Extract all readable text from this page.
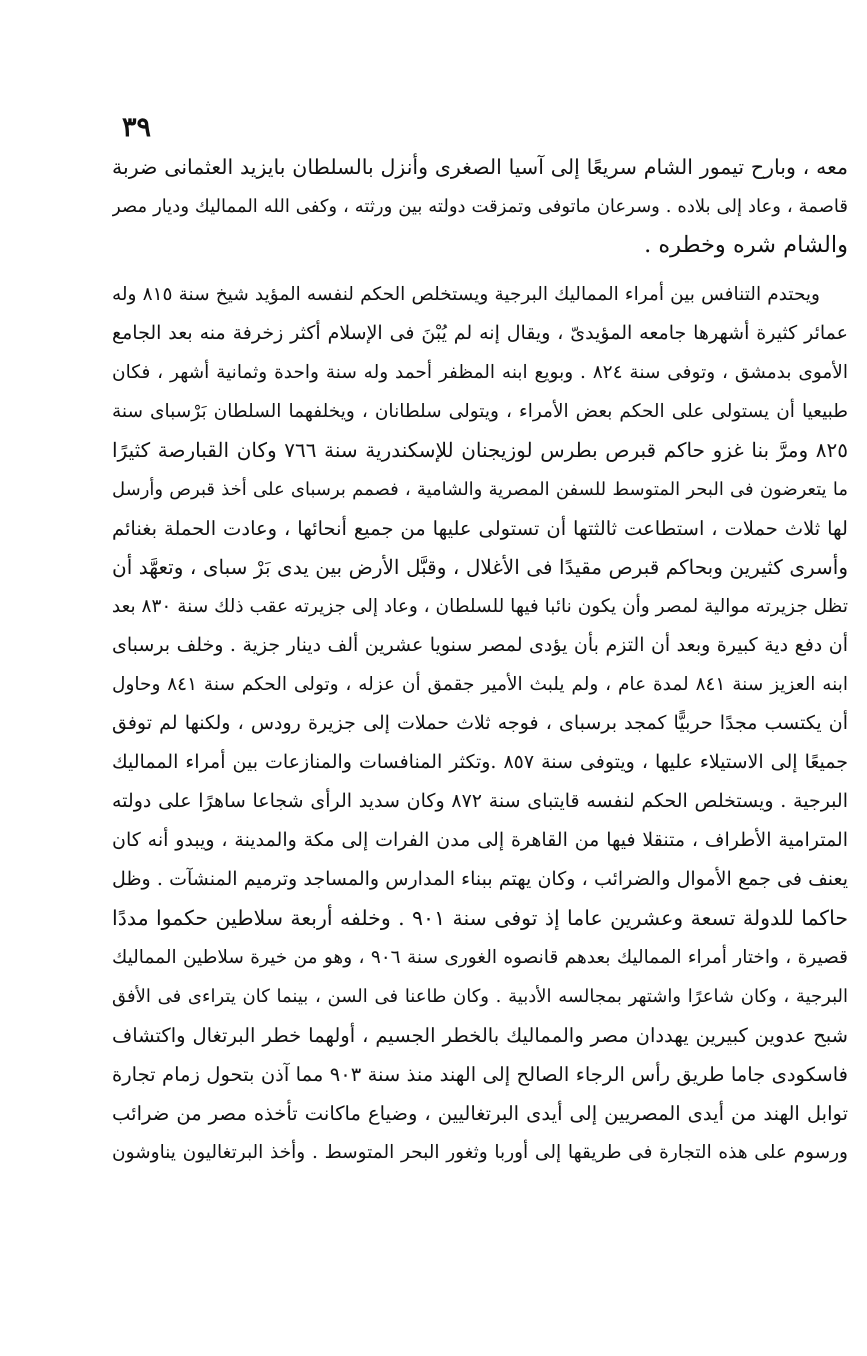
٣٩
معه ، وبارح تيمور الشام سريعًا إلى آسيا الصغرى وأنزل بالسلطان بايزيد العثمانى ضربة
قاصمة ، وعاد إلى بلاده . وسرعان ماتوفى وتمزقت دولته بين ورثته ، وكفى الله المماليك وديار مصر
والشام شره وخطره .
ويحتدم التنافس بين أمراء المماليك البرجية ويستخلص الحكم لنفسه المؤيد شيخ سنة ٨١٥ وله
عمائر كثيرة أشهرها جامعه المؤيدىّ ، ويقال إنه لم يُبْنَ فى الإسلام أكثر زخرفة منه بعد الجامع
الأموى بدمشق ، وتوفى سنة ٨٢٤ . وبويع ابنه المظفر أحمد وله سنة واحدة وثمانية أشهر ، فكان
طبيعيا أن يستولى على الحكم بعض الأمراء ، ويتولى سلطانان ، ويخلفهما السلطان بَرْسباى سنة
٨٢٥ ومرَّ بنا غزو حاكم قبرص بطرس لوزيجنان للإسكندرية سنة ٧٦٦ وكان القبارصة كثيرًا
ما يتعرضون فى البحر المتوسط للسفن المصرية والشامية ، فصمم برسباى على أخذ قبرص وأرسل
لها ثلاث حملات ، استطاعت ثالثتها أن تستولى عليها من جميع أنحائها ، وعادت الحملة بغنائم
وأسرى كثيرين وبحاكم قبرص مقيدًا فى الأغلال ، وقبَّل الأرض بين يدى بَرْ سباى ، وتعهَّد أن
تظل جزيرته موالية لمصر وأن يكون نائبا فيها للسلطان ، وعاد إلى جزيرته عقب ذلك سنة ٨٣٠ بعد
أن دفع دية كبيرة وبعد أن التزم بأن يؤدى لمصر سنويا عشرين ألف دينار جزية . وخلف برسباى
ابنه العزيز سنة ٨٤١ لمدة عام ، ولم يلبث الأمير جقمق أن عزله ، وتولى الحكم سنة ٨٤١ وحاول
أن يكتسب مجدًا حربيًّا كمجد برسباى ، فوجه ثلاث حملات إلى جزيرة رودس ، ولكنها لم توفق
جميعًا إلى الاستيلاء عليها ، ويتوفى سنة ٨٥٧ .وتكثر المنافسات والمنازعات بين أمراء المماليك
البرجية . ويستخلص الحكم لنفسه قايتباى سنة ٨٧٢ وكان سديد الرأى شجاعا ساهرًا على دولته
المترامية الأطراف ، متنقلا فيها من القاهرة إلى مدن الفرات إلى مكة والمدينة ، ويبدو أنه كان
يعنف فى جمع الأموال والضرائب ، وكان يهتم ببناء المدارس والمساجد وترميم المنشآت . وظل
حاكما للدولة تسعة وعشرين عاما إذ توفى سنة ٩٠١ . وخلفه أربعة سلاطين حكموا مددًا
قصيرة ، واختار أمراء المماليك بعدهم قانصوه الغورى سنة ٩٠٦ ، وهو من خيرة سلاطين المماليك
البرجية ، وكان شاعرًا واشتهر بمجالسه الأدبية . وكان طاعنا فى السن ، بينما كان يتراءى فى الأفق
شبح عدوين كبيرين يهددان مصر والمماليك بالخطر الجسيم ، أولهما خطر البرتغال واكتشاف
فاسكودى جاما طريق رأس الرجاء الصالح إلى الهند منذ سنة ٩٠٣ مما آذن بتحول زمام تجارة
توابل الهند من أيدى المصريين إلى أيدى البرتغاليين ، وضياع ماكانت تأخذه مصر من ضرائب
ورسوم على هذه التجارة فى طريقها إلى أوربا وثغور البحر المتوسط . وأخذ البرتغاليون يناوشون
